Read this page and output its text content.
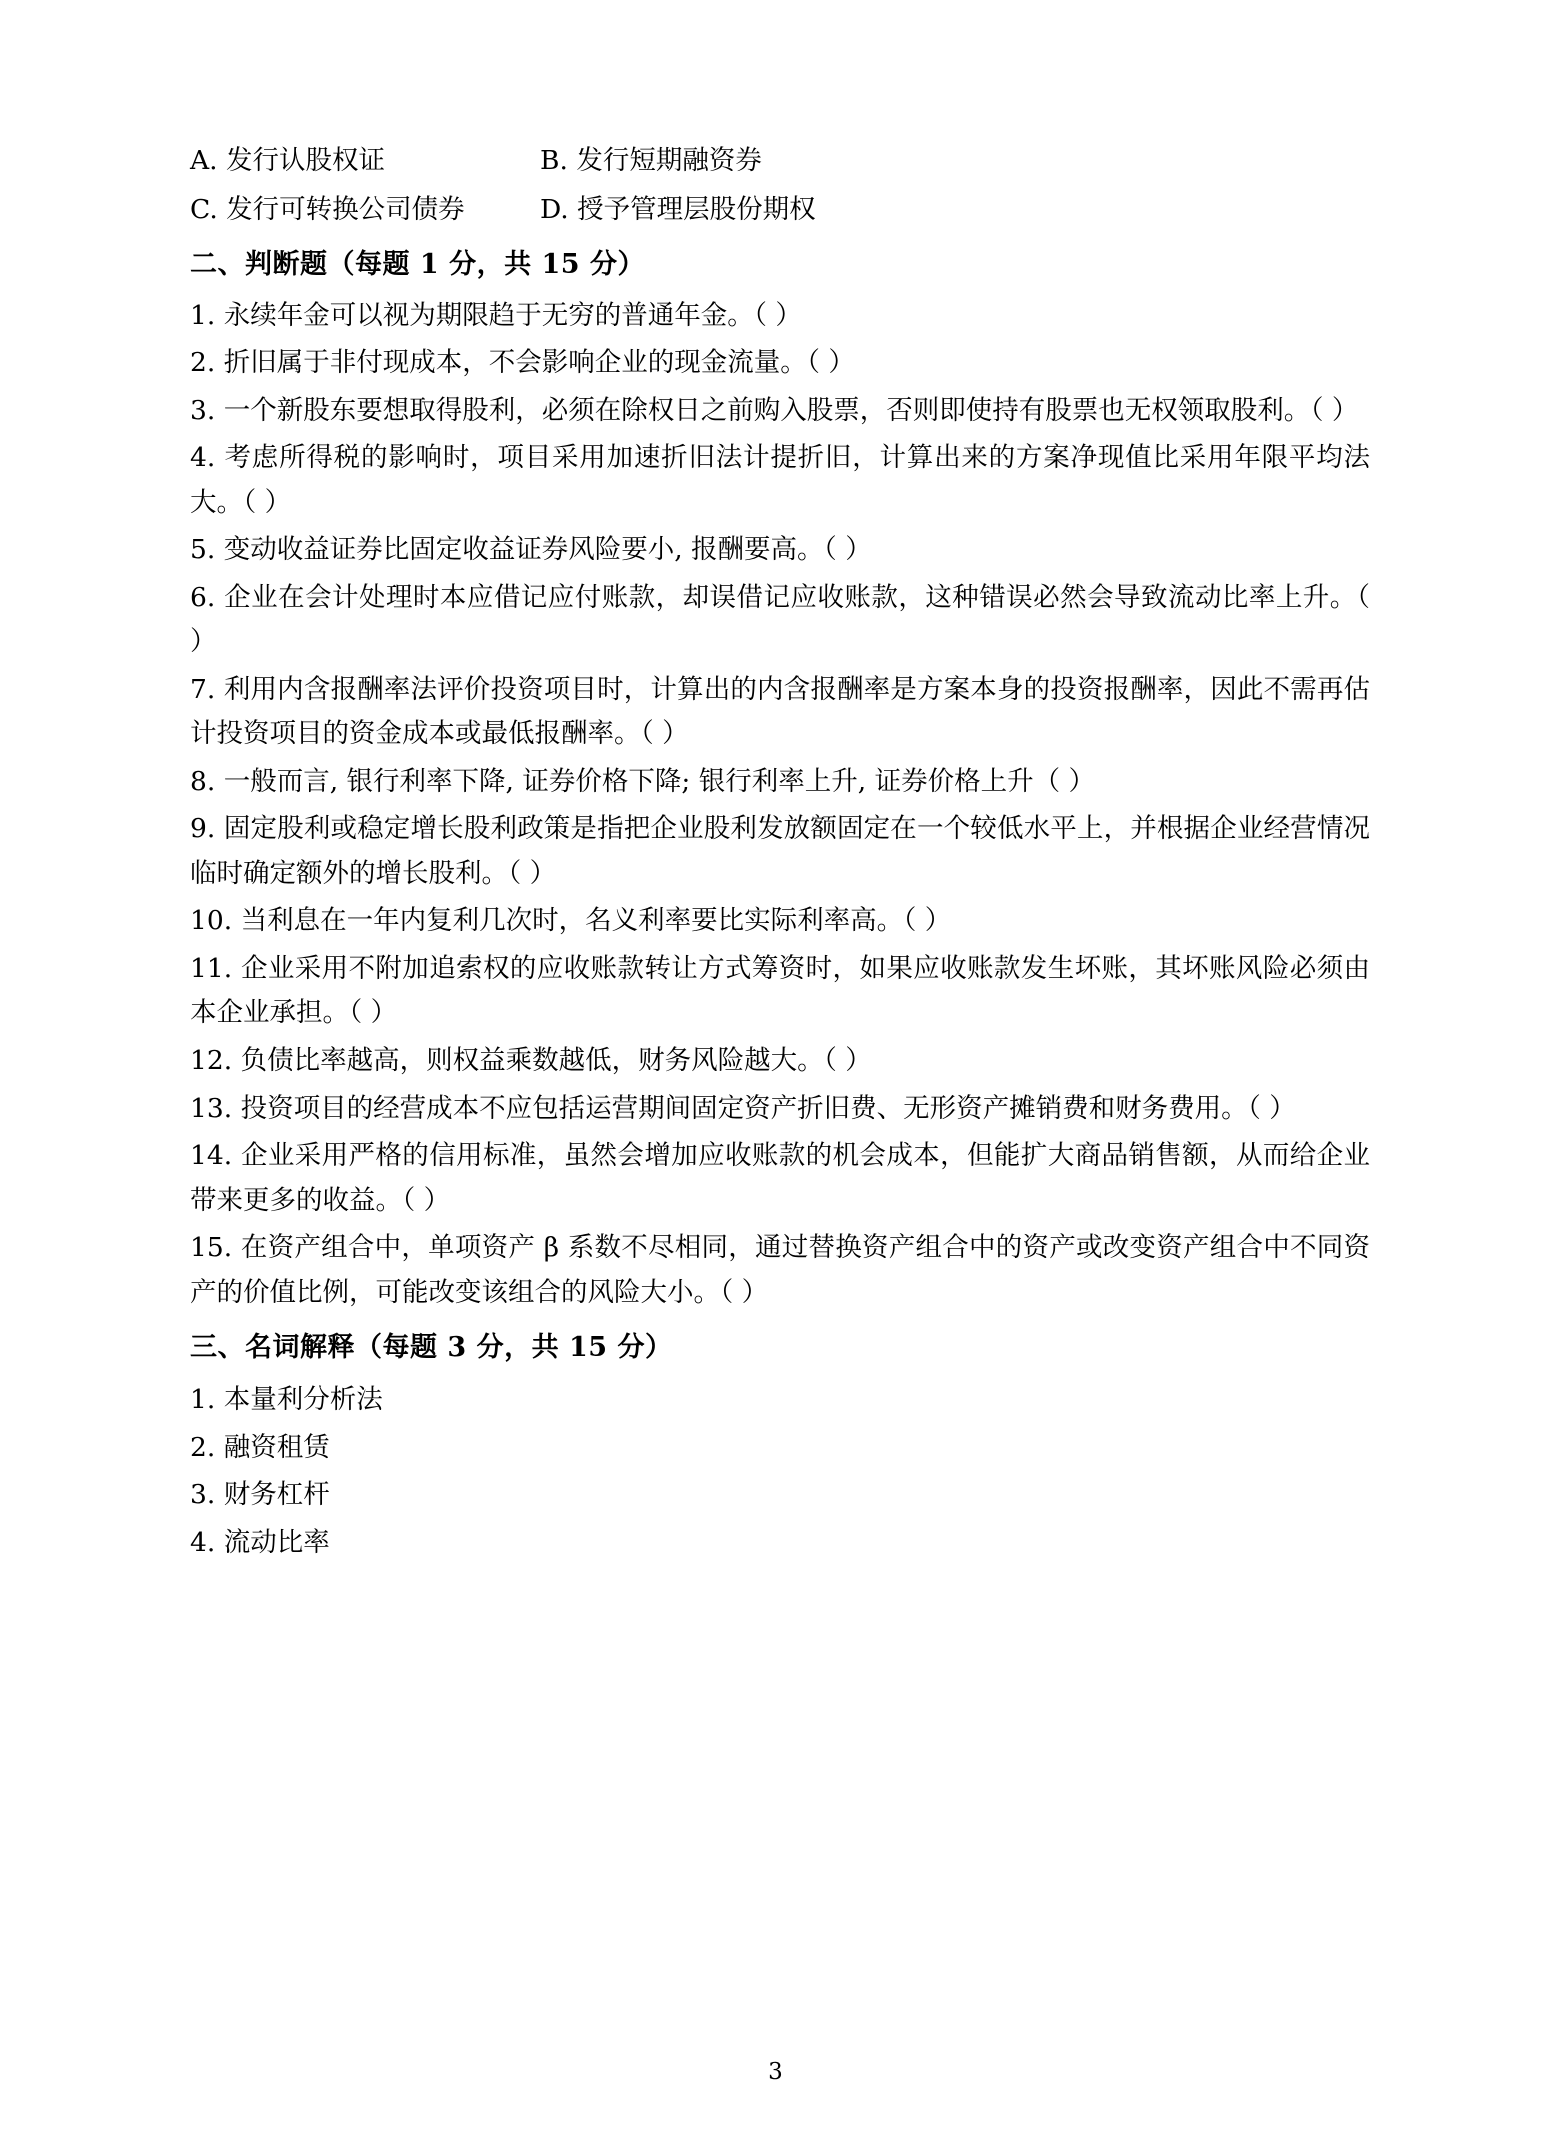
A. 发行认股权证	B. 发行短期融资券
C. 发行可转换公司债券	D. 授予管理层股份期权
二、判断题（每题 1 分，共 15 分）
1. 永续年金可以视为期限趋于无穷的普通年金。（ ）
2. 折旧属于非付现成本，不会影响企业的现金流量。（ ）
3. 一个新股东要想取得股利，必须在除权日之前购入股票，否则即使持有股票也无权领取股利。（ ）
4. 考虑所得税的影响时，项目采用加速折旧法计提折旧，计算出来的方案净现值比采用年限平均法大。（ ）
5. 变动收益证券比固定收益证券风险要小, 报酬要高。（ ）
6. 企业在会计处理时本应借记应付账款，却误借记应收账款，这种错误必然会导致流动比率上升。（ ）
7. 利用内含报酬率法评价投资项目时，计算出的内含报酬率是方案本身的投资报酬率，因此不需再估计投资项目的资金成本或最低报酬率。（ ）
8. 一般而言, 银行利率下降, 证券价格下降; 银行利率上升, 证券价格上升（ ）
9. 固定股利或稳定增长股利政策是指把企业股利发放额固定在一个较低水平上，并根据企业经营情况临时确定额外的增长股利。（ ）
10. 当利息在一年内复利几次时，名义利率要比实际利率高。（ ）
11. 企业采用不附加追索权的应收账款转让方式筹资时，如果应收账款发生坏账，其坏账风险必须由本企业承担。（ ）
12. 负债比率越高，则权益乘数越低，财务风险越大。（ ）
13. 投资项目的经营成本不应包括运营期间固定资产折旧费、无形资产摊销费和财务费用。（ ）
14. 企业采用严格的信用标准，虽然会增加应收账款的机会成本，但能扩大商品销售额，从而给企业带来更多的收益。（ ）
15. 在资产组合中，单项资产 β 系数不尽相同，通过替换资产组合中的资产或改变资产组合中不同资产的价值比例，可能改变该组合的风险大小。（ ）
三、名词解释（每题 3 分，共 15 分）
1. 本量利分析法
2. 融资租赁
3. 财务杠杆
4. 流动比率
3
